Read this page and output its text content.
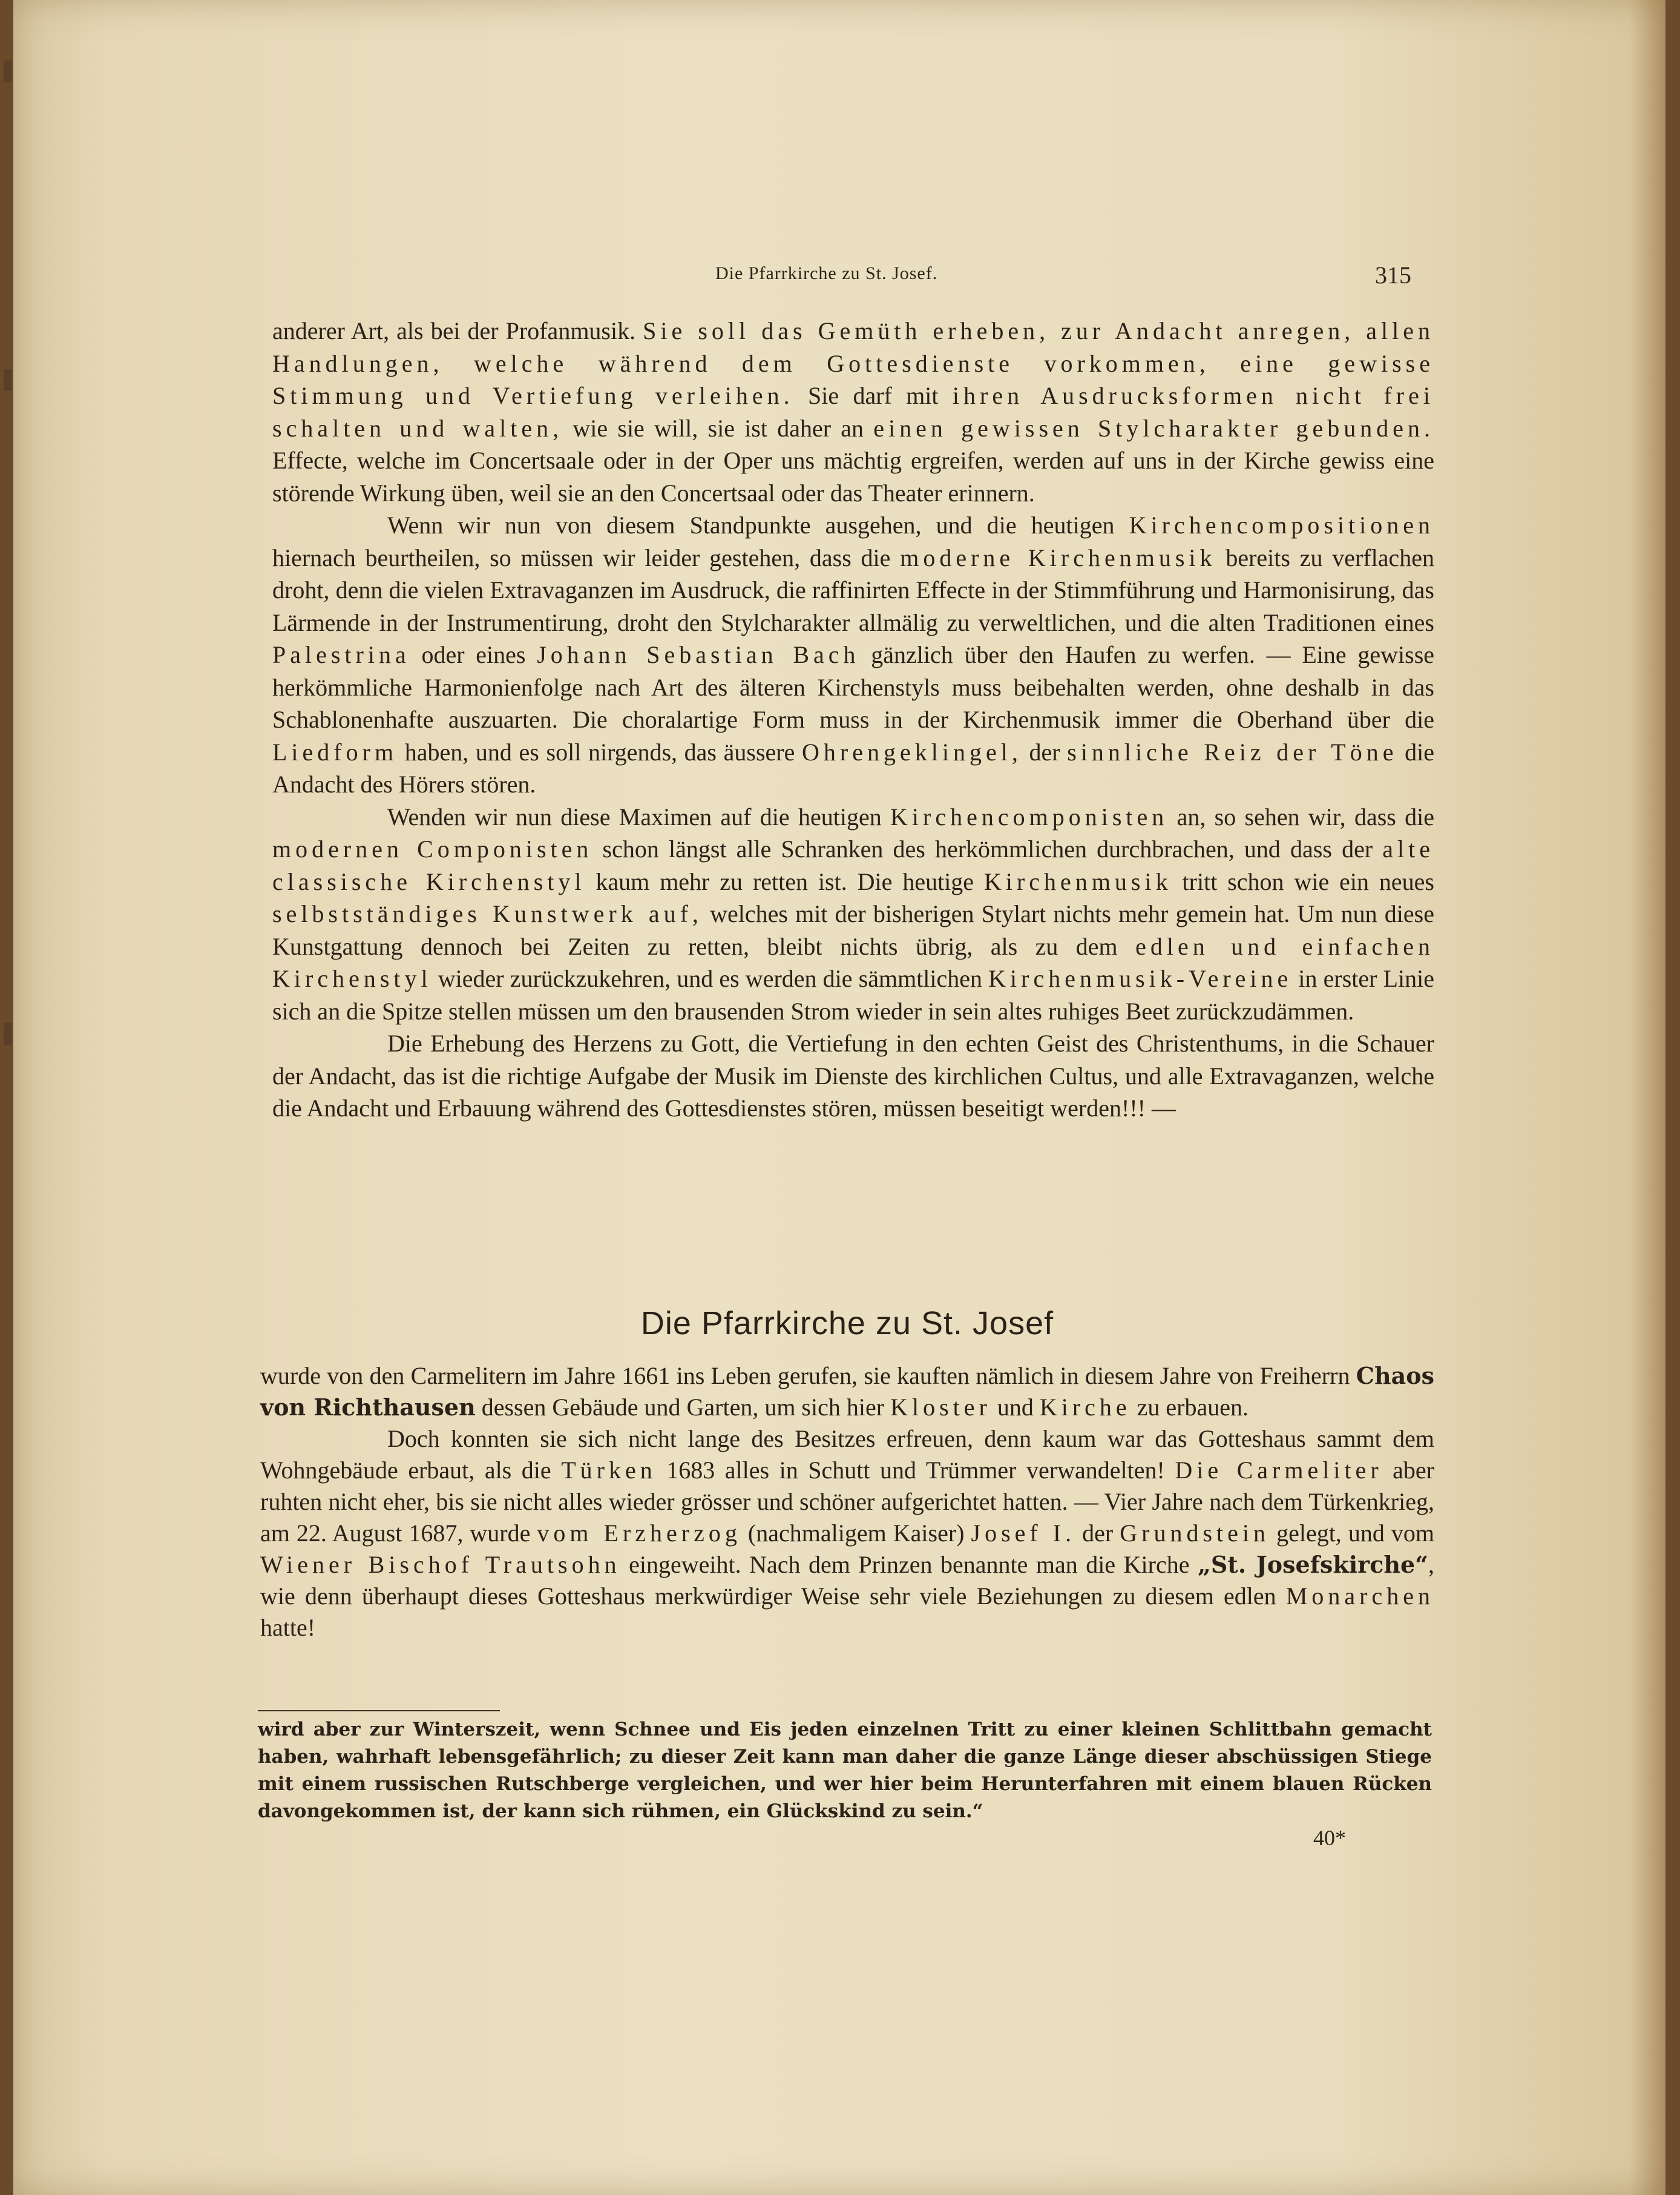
Die Pfarrkirche zu St. Josef.	315

anderer Art, als bei der Profanmusik. Sie soll das Gemüth erheben, zur Andacht anregen, allen Handlungen, welche während dem Gottesdienste vorkommen, eine gewisse Stimmung und Vertiefung verleihen. Sie darf mit ihren Ausdrucksformen nicht frei schalten und walten, wie sie will, sie ist daher an einen gewissen Stylcharakter gebunden. Effecte, welche im Concertsaale oder in der Oper uns mächtig ergreifen, werden auf uns in der Kirche gewiss eine störende Wirkung üben, weil sie an den Concertsaal oder das Theater erinnern.

Wenn wir nun von diesem Standpunkte ausgehen, und die heutigen Kirchencompositionen hiernach beurtheilen, so müssen wir leider gestehen, dass die moderne Kirchenmusik bereits zu verflachen droht, denn die vielen Extravaganzen im Ausdruck, die raffinirten Effecte in der Stimmführung und Harmonisirung, das Lärmende in der Instrumentirung, droht den Stylcharakter allmälig zu verweltlichen, und die alten Traditionen eines Palestrina oder eines Johann Sebastian Bach gänzlich über den Haufen zu werfen. — Eine gewisse herkömmliche Harmonienfolge nach Art des älteren Kirchenstyls muss beibehalten werden, ohne deshalb in das Schablonenhafte auszuarten. Die choralartige Form muss in der Kirchenmusik immer die Oberhand über die Liedform haben, und es soll nirgends, das äussere Ohrengeklingel, der sinnliche Reiz der Töne die Andacht des Hörers stören.

Wenden wir nun diese Maximen auf die heutigen Kirchencomponisten an, so sehen wir, dass die modernen Componisten schon längst alle Schranken des herkömmlichen durchbrachen, und dass der alte classische Kirchenstyl kaum mehr zu retten ist. Die heutige Kirchenmusik tritt schon wie ein neues selbstständiges Kunstwerk auf, welches mit der bisherigen Stylart nichts mehr gemein hat. Um nun diese Kunstgattung dennoch bei Zeiten zu retten, bleibt nichts übrig, als zu dem edlen und einfachen Kirchenstyl wieder zurückzukehren, und es werden die sämmtlichen Kirchenmusik-Vereine in erster Linie sich an die Spitze stellen müssen um den brausenden Strom wieder in sein altes ruhiges Beet zurückzudämmen.

Die Erhebung des Herzens zu Gott, die Vertiefung in den echten Geist des Christenthums, in die Schauer der Andacht, das ist die richtige Aufgabe der Musik im Dienste des kirchlichen Cultus, und alle Extravaganzen, welche die Andacht und Erbauung während des Gottesdienstes stören, müssen beseitigt werden!!! —

Die Pfarrkirche zu St. Josef

wurde von den Carmelitern im Jahre 1661 ins Leben gerufen, sie kauften nämlich in diesem Jahre von Freiherrn Chaos von Richthausen dessen Gebäude und Garten, um sich hier Kloster und Kirche zu erbauen.

Doch konnten sie sich nicht lange des Besitzes erfreuen, denn kaum war das Gotteshaus sammt dem Wohngebäude erbaut, als die Türken 1683 alles in Schutt und Trümmer verwandelten! Die Carmeliter aber ruhten nicht eher, bis sie nicht alles wieder grösser und schöner aufgerichtet hatten. — Vier Jahre nach dem Türkenkrieg, am 22. August 1687, wurde vom Erzherzog (nachmaligem Kaiser) Josef I. der Grundstein gelegt, und vom Wiener Bischof Trautsohn eingeweiht. Nach dem Prinzen benannte man die Kirche „St. Josefskirche“, wie denn überhaupt dieses Gotteshaus merkwürdiger Weise sehr viele Beziehungen zu diesem edlen Monarchen hatte!

wird aber zur Winterszeit, wenn Schnee und Eis jeden einzelnen Tritt zu einer kleinen Schlittbahn gemacht haben, wahrhaft lebensgefährlich; zu dieser Zeit kann man daher die ganze Länge dieser abschüssigen Stiege mit einem russischen Rutschberge vergleichen, und wer hier beim Herunterfahren mit einem blauen Rücken davongekommen ist, der kann sich rühmen, ein Glückskind zu sein.“
40*
